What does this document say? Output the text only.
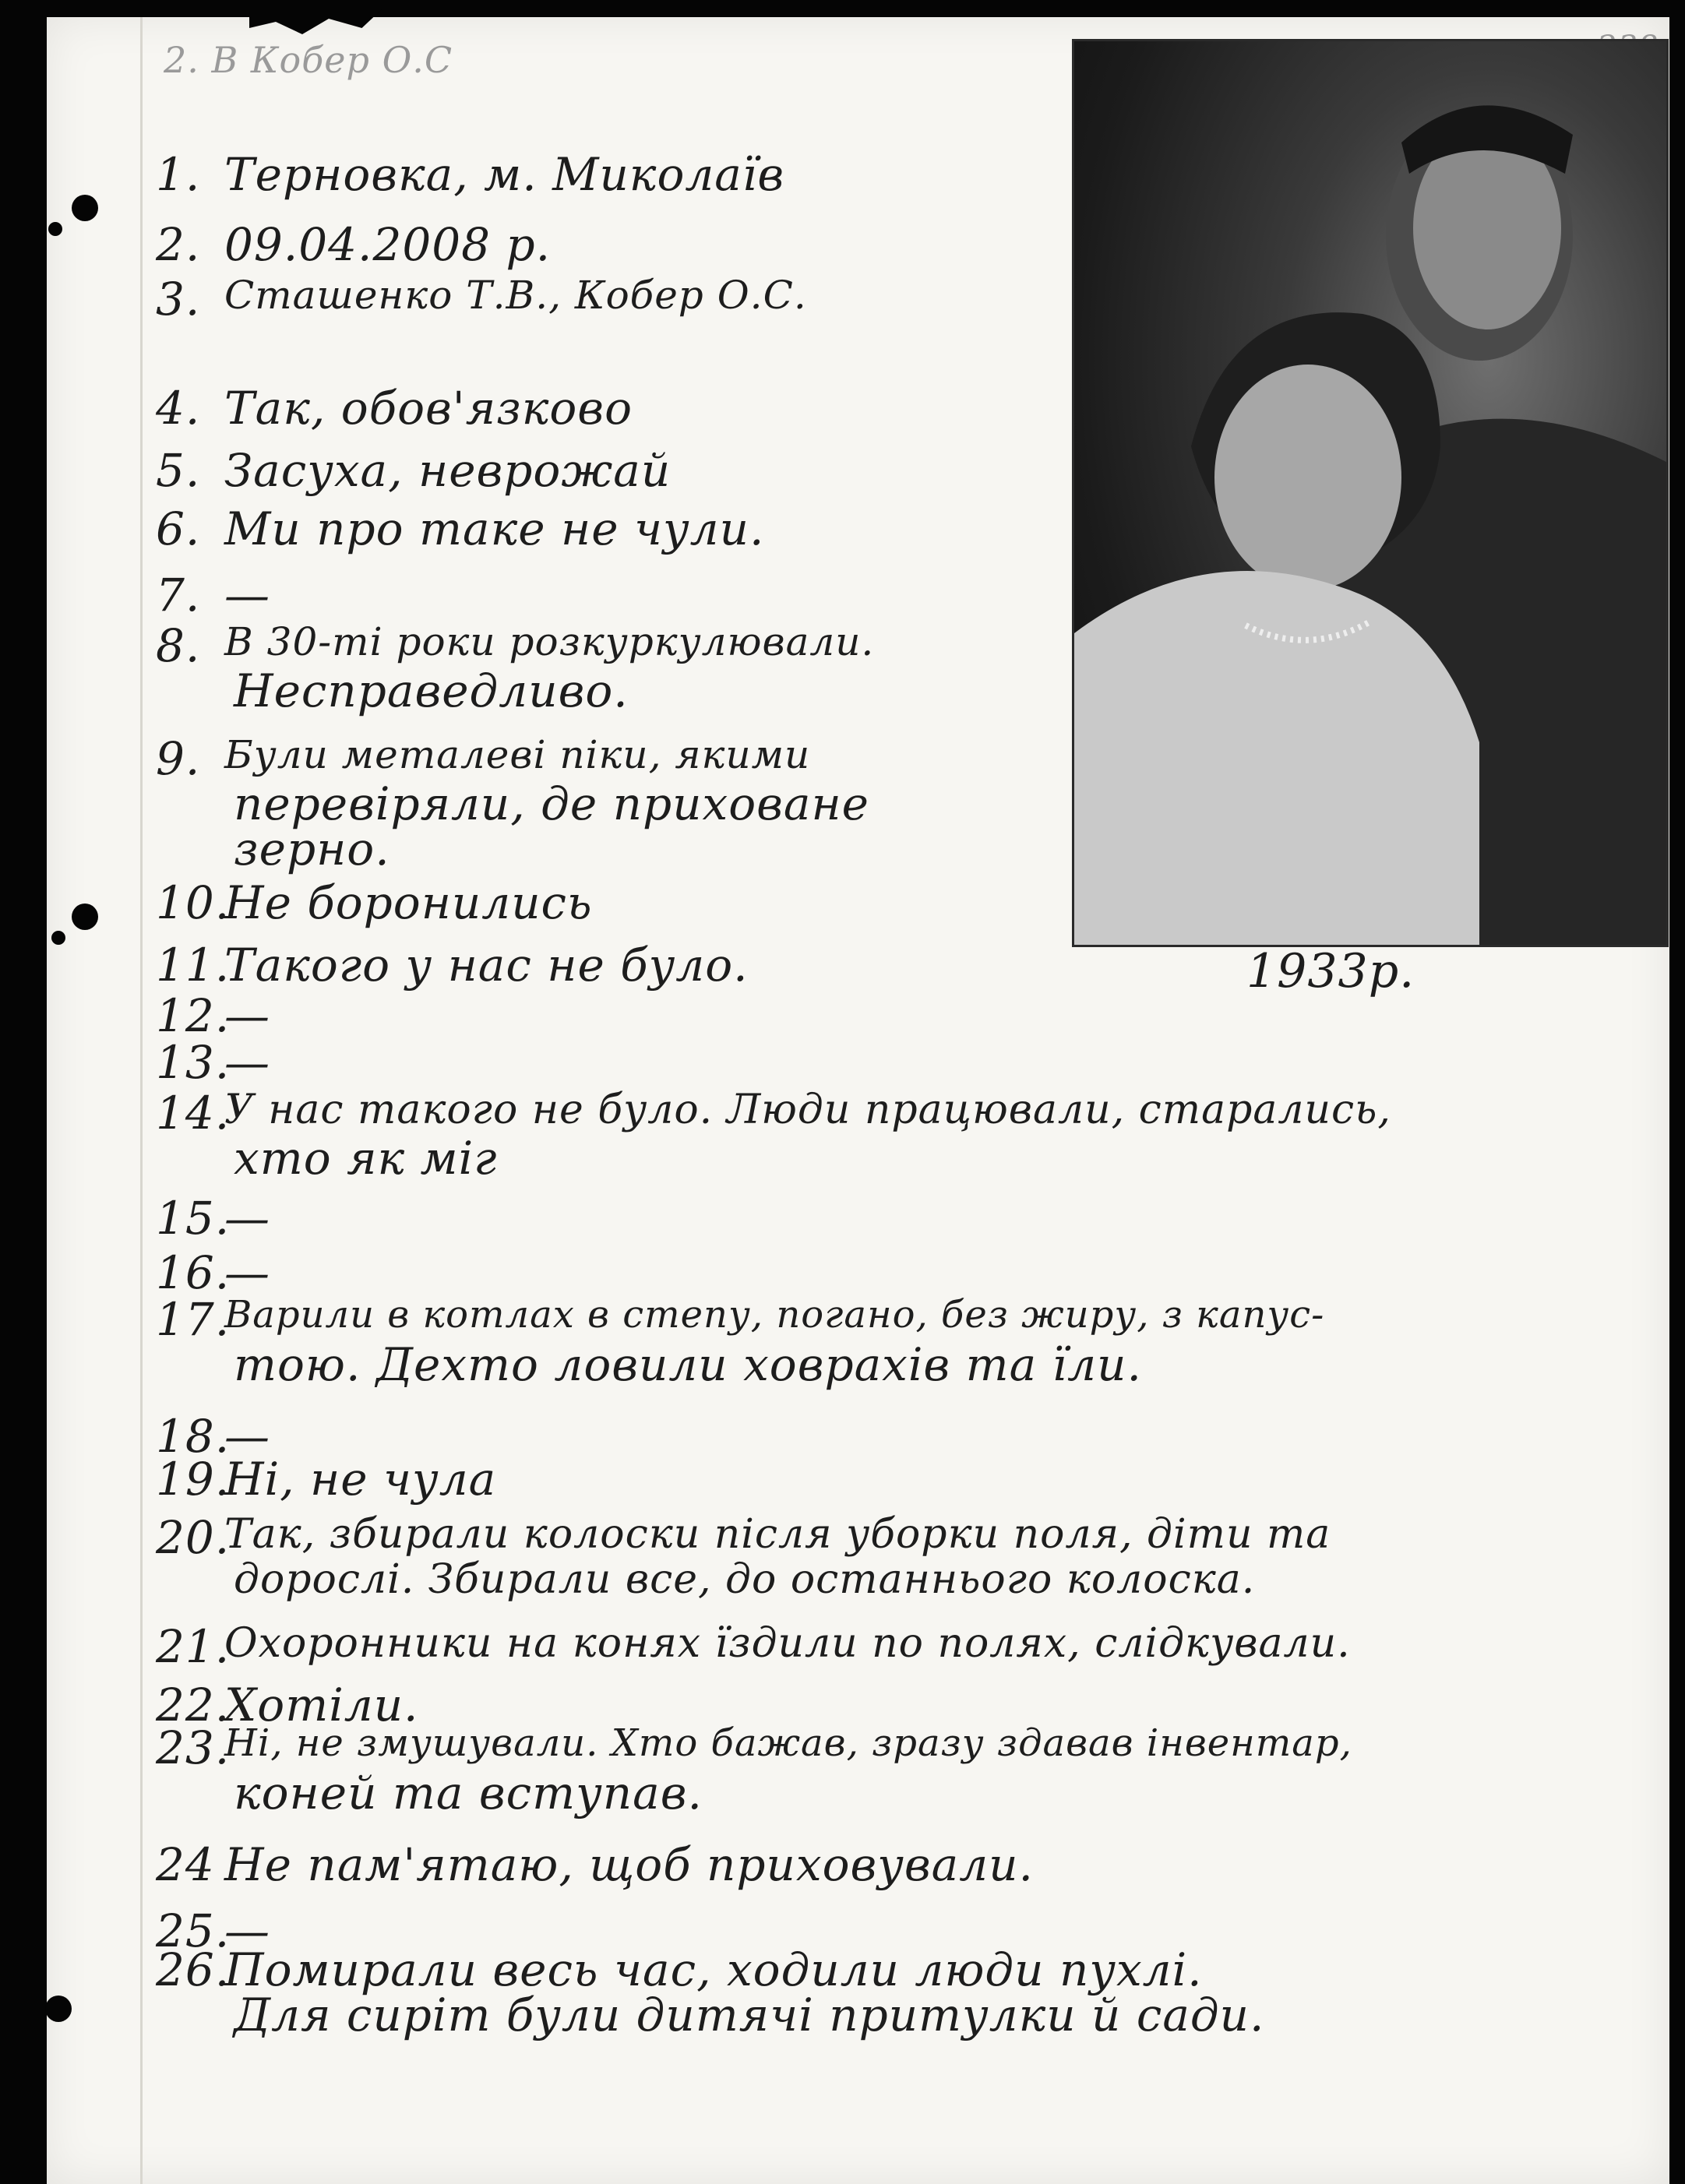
2. В Кобер О.С
1933р.
1. Терновка, м. Миколаїв
2. 09.04.2008 р.
3. Сташенко Т.В., Кобер О.С.
4. Так, обов'язково
5. Засуха, неврожай
6. Ми про таке не чули.
7. —
8. В 30-ті роки розкуркулювали.
Несправедливо.
9. Були металеві піки, якими
перевіряли, де приховане
зерно.
10.
Не боронились
11.
Такого у нас не було.
12.
—
13.
—
14.
У нас такого не було. Люди працювали, старались,
хто як міг
15.
—
16.
—
17.
Варили в котлах в степу, погано, без жиру, з капус-
тою. Дехто ловили ховрахів та їли.
18.
—
19.
Ні, не чула
20.
Так, збирали колоски після уборки поля, діти та
дорослі. Збирали все, до останнього колоска.
21.
Охоронники на конях їздили по полях, слідкували.
22.
Хотіли.
23.
Ні, не змушували. Хто бажав, зразу здавав інвентар,
коней та вступав.
24 Не пам'ятаю, щоб приховували.
25.
—
26.
Помирали весь час, ходили люди пухлі.
Для сиріт були дитячі притулки й сади.
